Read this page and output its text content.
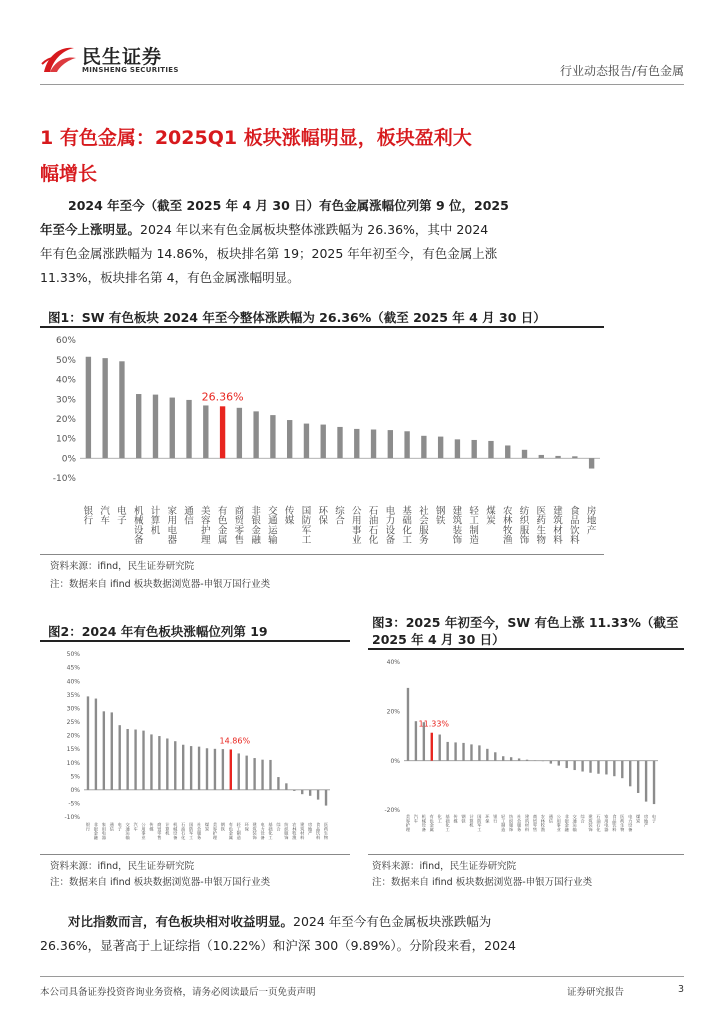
民生证券
MINSHENG SECURITIES	行业动态报告/有色金属
1 有色金属：2025Q1 板块涨幅明显，板块盈利大
幅增长
2024 年至今（截至 2025 年 4 月 30 日）有色金属涨幅位列第 9 位，2025
年至今上涨明显。2024 年以来有色金属板块整体涨跌幅为 26.36%，其中 2024
年有色金属涨跌幅为 14.86%，板块排名第 19；2025 年年初至今，有色金属上涨
11.33%，板块排名第 4，有色金属涨幅明显。
图1：SW 有色板块 2024 年至今整体涨跌幅为 26.36%（截至 2025 年 4 月 30 日）
60%
50%
40%
30%
20%
10%
0%
-10%
银行
汽车
电子
机械设备
计算机
家用电器
通信
美容护理
有色金属
26.36%
商贸零售
非银金融
交通运输
传媒
国防军工
环保
综合
公用事业
石油石化
电力设备
基础化工
社会服务
钢铁
建筑装饰
轻工制造
煤炭
农林牧渔
纺织服饰
医药生物
建筑材料
食品饮料
房地产
资料来源：ifind，民生证券研究院
注：数据来自 ifind 板块数据浏览器-申银万国行业类
图2：2024 年有色板块涨幅位列第 19
50%
45%
40%
35%
30%
25%
20%
15%
10%
5%
0%
-5%
-10%
银行
非银金融
家用电器
通信
电子
交通运输
汽车
公用事业
传媒
商贸零售
计算机
机械设备
石油石化
国防军工
社会服务
煤炭
美容护理
钢铁
有色金属
14.86%
轻工制造
环保
建筑装饰
电力设备
基础化工
综合
纺织服饰
农林牧渔
建筑材料
房地产
食品饮料
医药生物
资料来源：ifind，民生证券研究院
注：数据来自 ifind 板块数据浏览器-申银万国行业类
图3：2025 年初至今，SW 有色上涨 11.33%（截至
2025 年 4 月 30 日）
40%
20%
0%
-20%
美容护理
汽车
机械设备
有色金属
11.33%
化工
基础化工
传媒
钢铁
计算机
国防军工
环保
银行
轻工制造
纺织服饰
社会服务
建筑材料
商贸零售
农林牧渔
通信
公用事业
非银金融
交通运输
综合
建筑装饰
石油石化
家用电器
食品饮料
医药生物
电力设备
煤炭
房地产
电子
资料来源：ifind，民生证券研究院
注：数据来自 ifind 板块数据浏览器-申银万国行业类
对比指数而言，有色板块相对收益明显。2024 年至今有色金属板块涨跌幅为
26.36%，显著高于上证综指（10.22%）和沪深 300（9.89%）。分阶段来看，2024
本公司具备证券投资咨询业务资格，请务必阅读最后一页免责声明	证券研究报告	3
